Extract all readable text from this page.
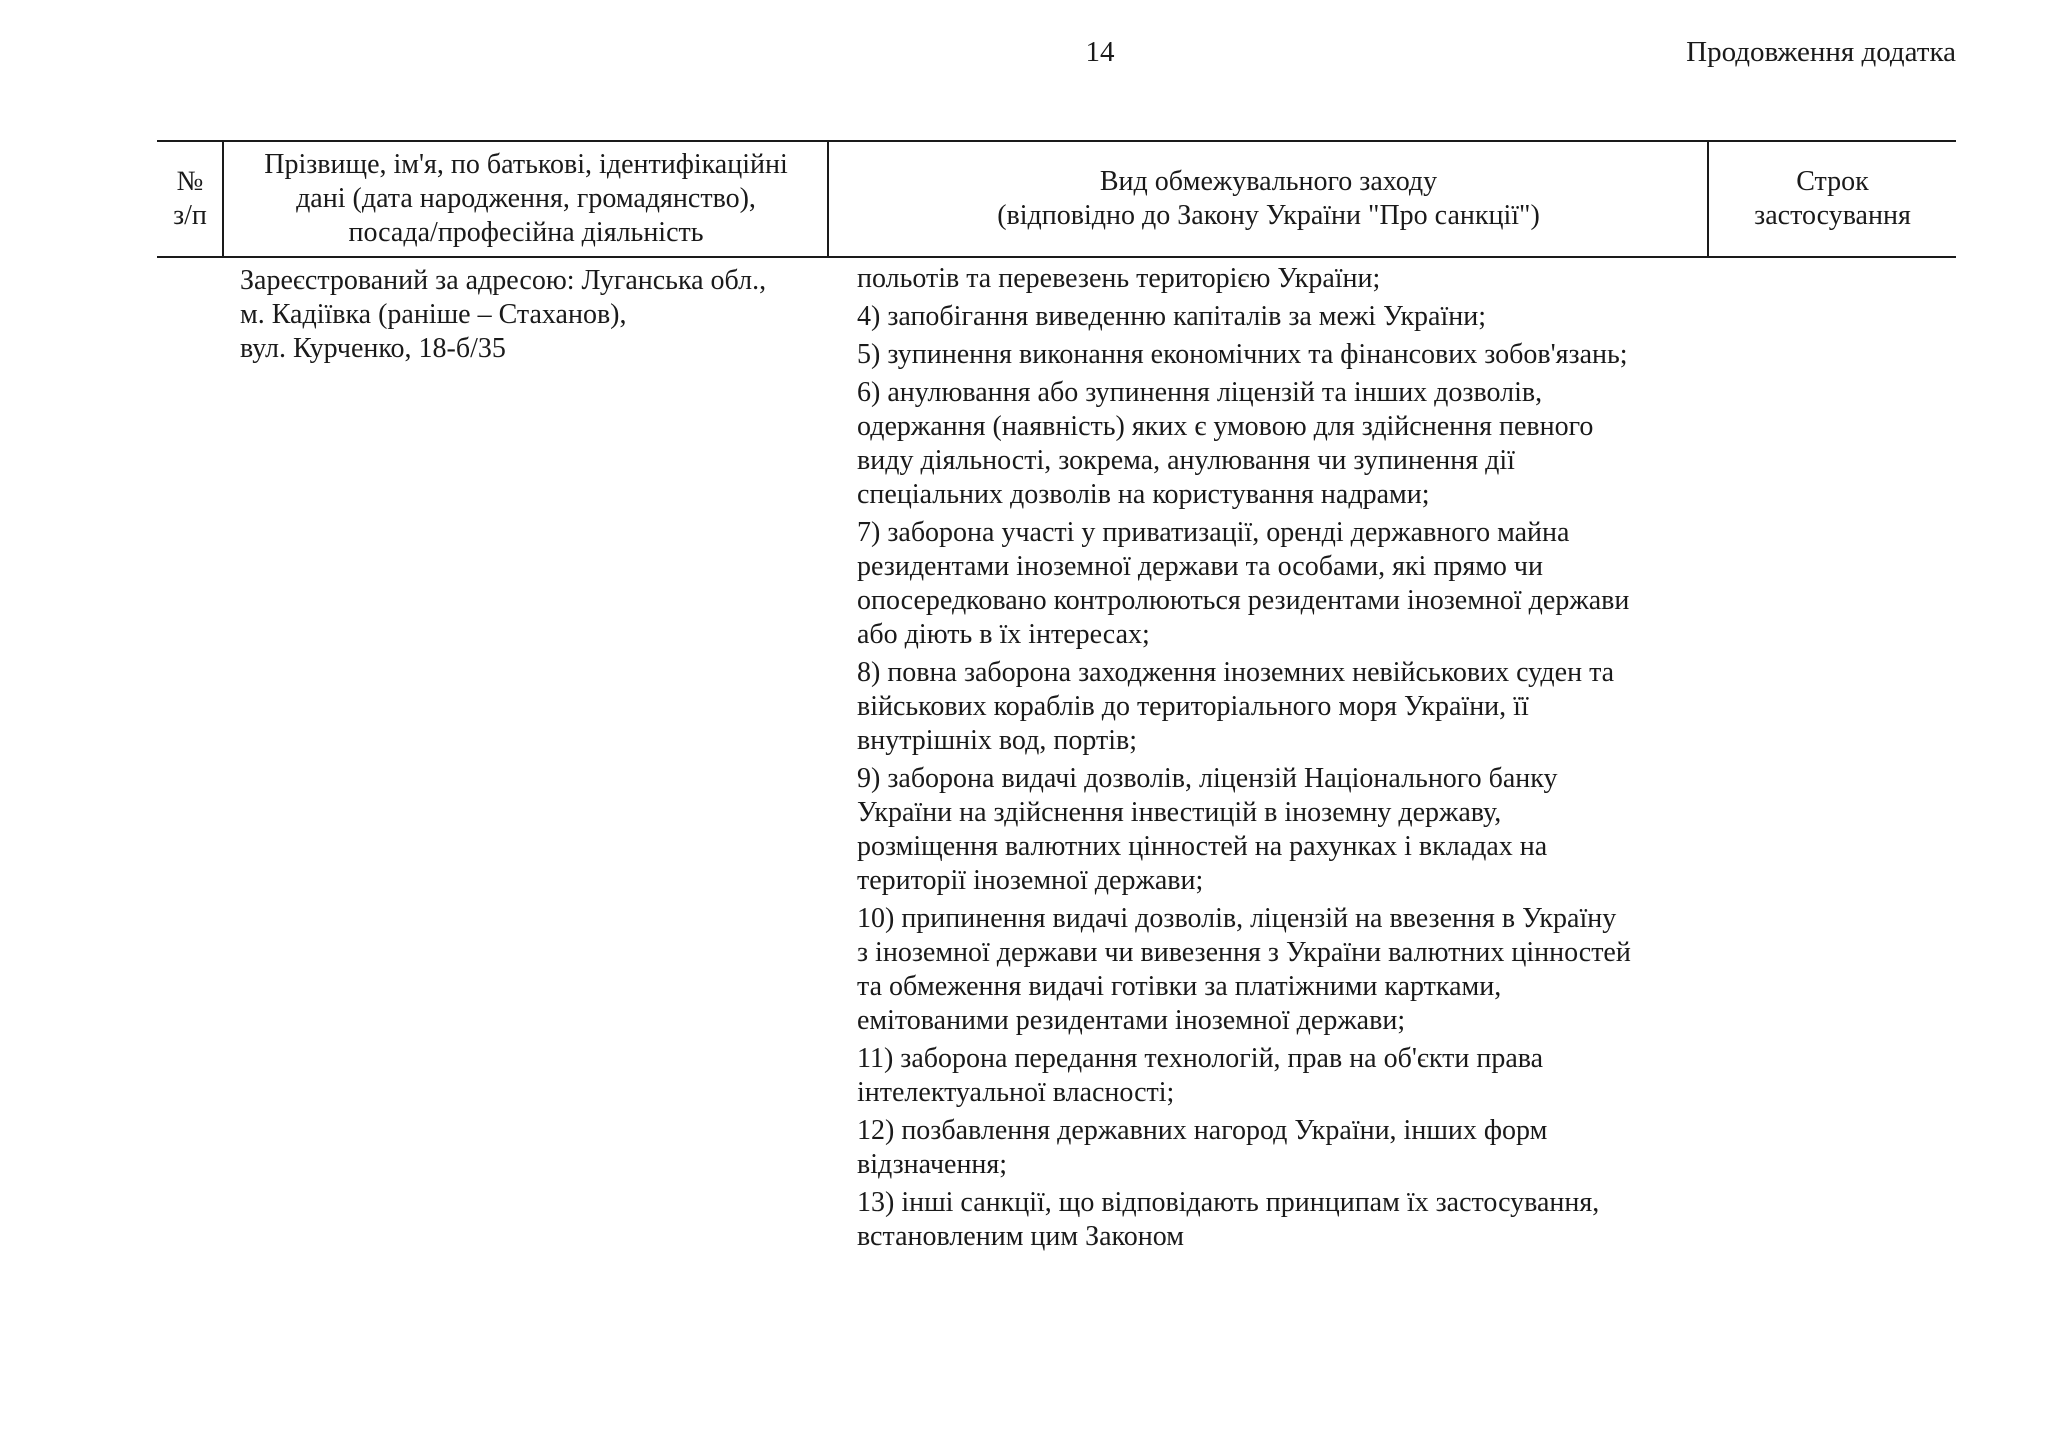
14	Продовження додатка
№
з/п
Прізвище, ім'я, по батькові, ідентифікаційні
дані (дата народження, громадянство),
посада/професійна діяльність
Вид обмежувального заходу
(відповідно до Закону України "Про санкції")
Строк
застосування
Зареєстрований за адресою: Луганська обл.,
м. Кадіївка (раніше – Стаханов),
вул. Курченко, 18-б/35
польотів та перевезень територією України;
4) запобігання виведенню капіталів за межі України;
5) зупинення виконання економічних та фінансових зобов'язань;
6) анулювання або зупинення ліцензій та інших дозволів,
одержання (наявність) яких є умовою для здійснення певного
виду діяльності, зокрема, анулювання чи зупинення дії
спеціальних дозволів на користування надрами;
7) заборона участі у приватизації, оренді державного майна
резидентами іноземної держави та особами, які прямо чи
опосередковано контролюються резидентами іноземної держави
або діють в їх інтересах;
8) повна заборона заходження іноземних невійськових суден та
військових кораблів до територіального моря України, її
внутрішніх вод, портів;
9) заборона видачі дозволів, ліцензій Національного банку
України на здійснення інвестицій в іноземну державу,
розміщення валютних цінностей на рахунках і вкладах на
території іноземної держави;
10) припинення видачі дозволів, ліцензій на ввезення в Україну
з іноземної держави чи вивезення з України валютних цінностей
та обмеження видачі готівки за платіжними картками,
емітованими резидентами іноземної держави;
11) заборона передання технологій, прав на об'єкти права
інтелектуальної власності;
12) позбавлення державних нагород України, інших форм
відзначення;
13) інші санкції, що відповідають принципам їх застосування,
встановленим цим Законом
